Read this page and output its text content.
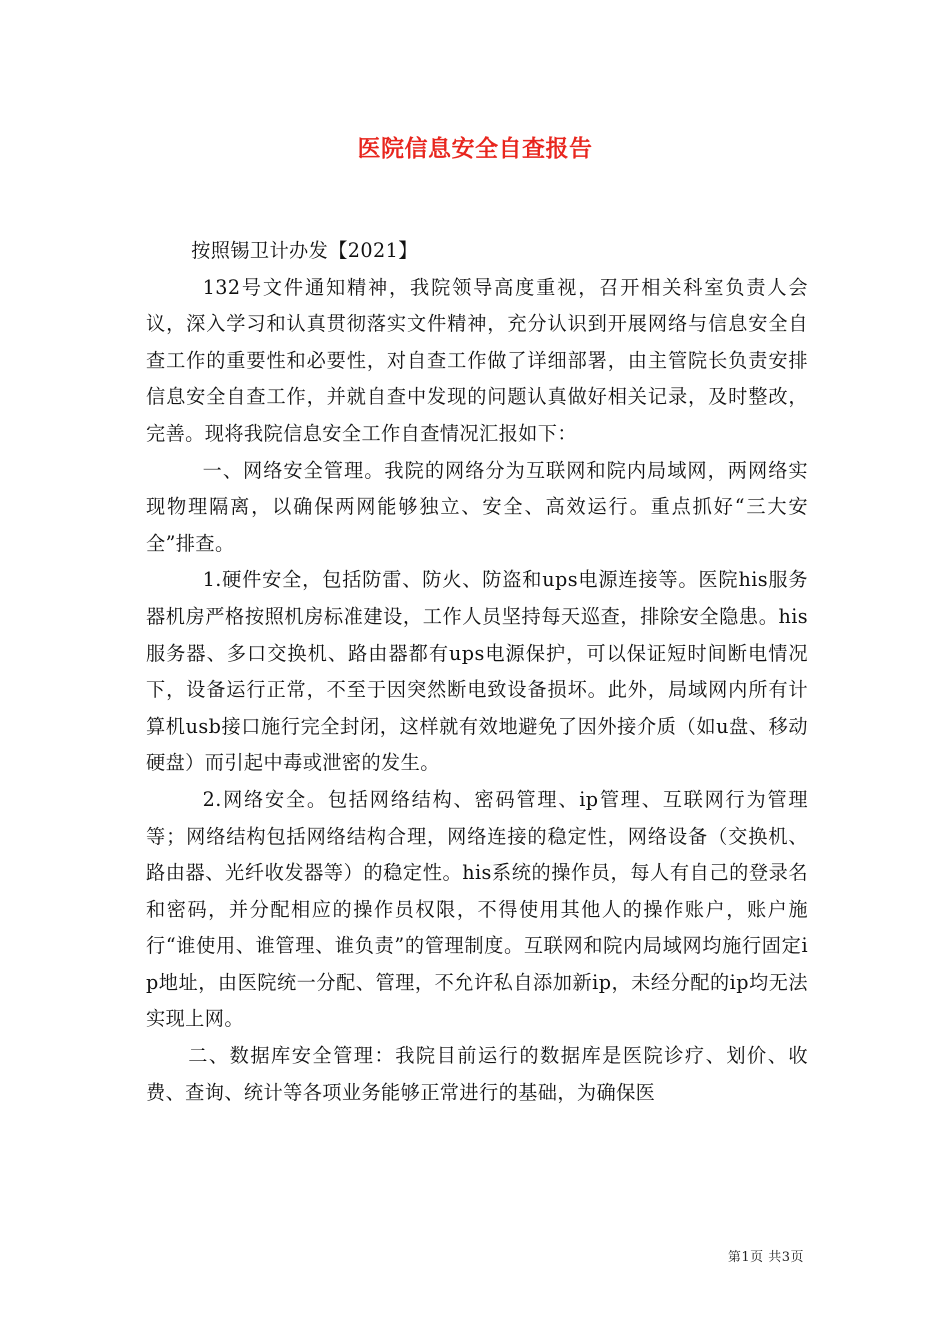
医院信息安全自查报告

按照锡卫计办发【2021】

132号文件通知精神，我院领导高度重视，召开相关科室负责人会议，深入学习和认真贯彻落实文件精神，充分认识到开展网络与信息安全自查工作的重要性和必要性，对自查工作做了详细部署，由主管院长负责安排信息安全自查工作，并就自查中发现的问题认真做好相关记录，及时整改，完善。现将我院信息安全工作自查情况汇报如下：

一、网络安全管理。我院的网络分为互联网和院内局域网，两网络实现物理隔离，以确保两网能够独立、安全、高效运行。重点抓好“三大安全”排查。

1.硬件安全，包括防雷、防火、防盗和ups电源连接等。医院his服务器机房严格按照机房标准建设，工作人员坚持每天巡查，排除安全隐患。his服务器、多口交换机、路由器都有ups电源保护，可以保证短时间断电情况下，设备运行正常，不至于因突然断电致设备损坏。此外，局域网内所有计算机usb接口施行完全封闭，这样就有效地避免了因外接介质（如u盘、移动硬盘）而引起中毒或泄密的发生。

2.网络安全。包括网络结构、密码管理、ip管理、互联网行为管理等；网络结构包括网络结构合理，网络连接的稳定性，网络设备（交换机、路由器、光纤收发器等）的稳定性。his系统的操作员，每人有自己的登录名和密码，并分配相应的操作员权限，不得使用其他人的操作账户，账户施行“谁使用、谁管理、谁负责”的管理制度。互联网和院内局域网均施行固定ip地址，由医院统一分配、管理，不允许私自添加新ip，未经分配的ip均无法实现上网。

二、数据库安全管理：我院目前运行的数据库是医院诊疗、划价、收费、查询、统计等各项业务能够正常进行的基础，为确保医

第1页 共3页
